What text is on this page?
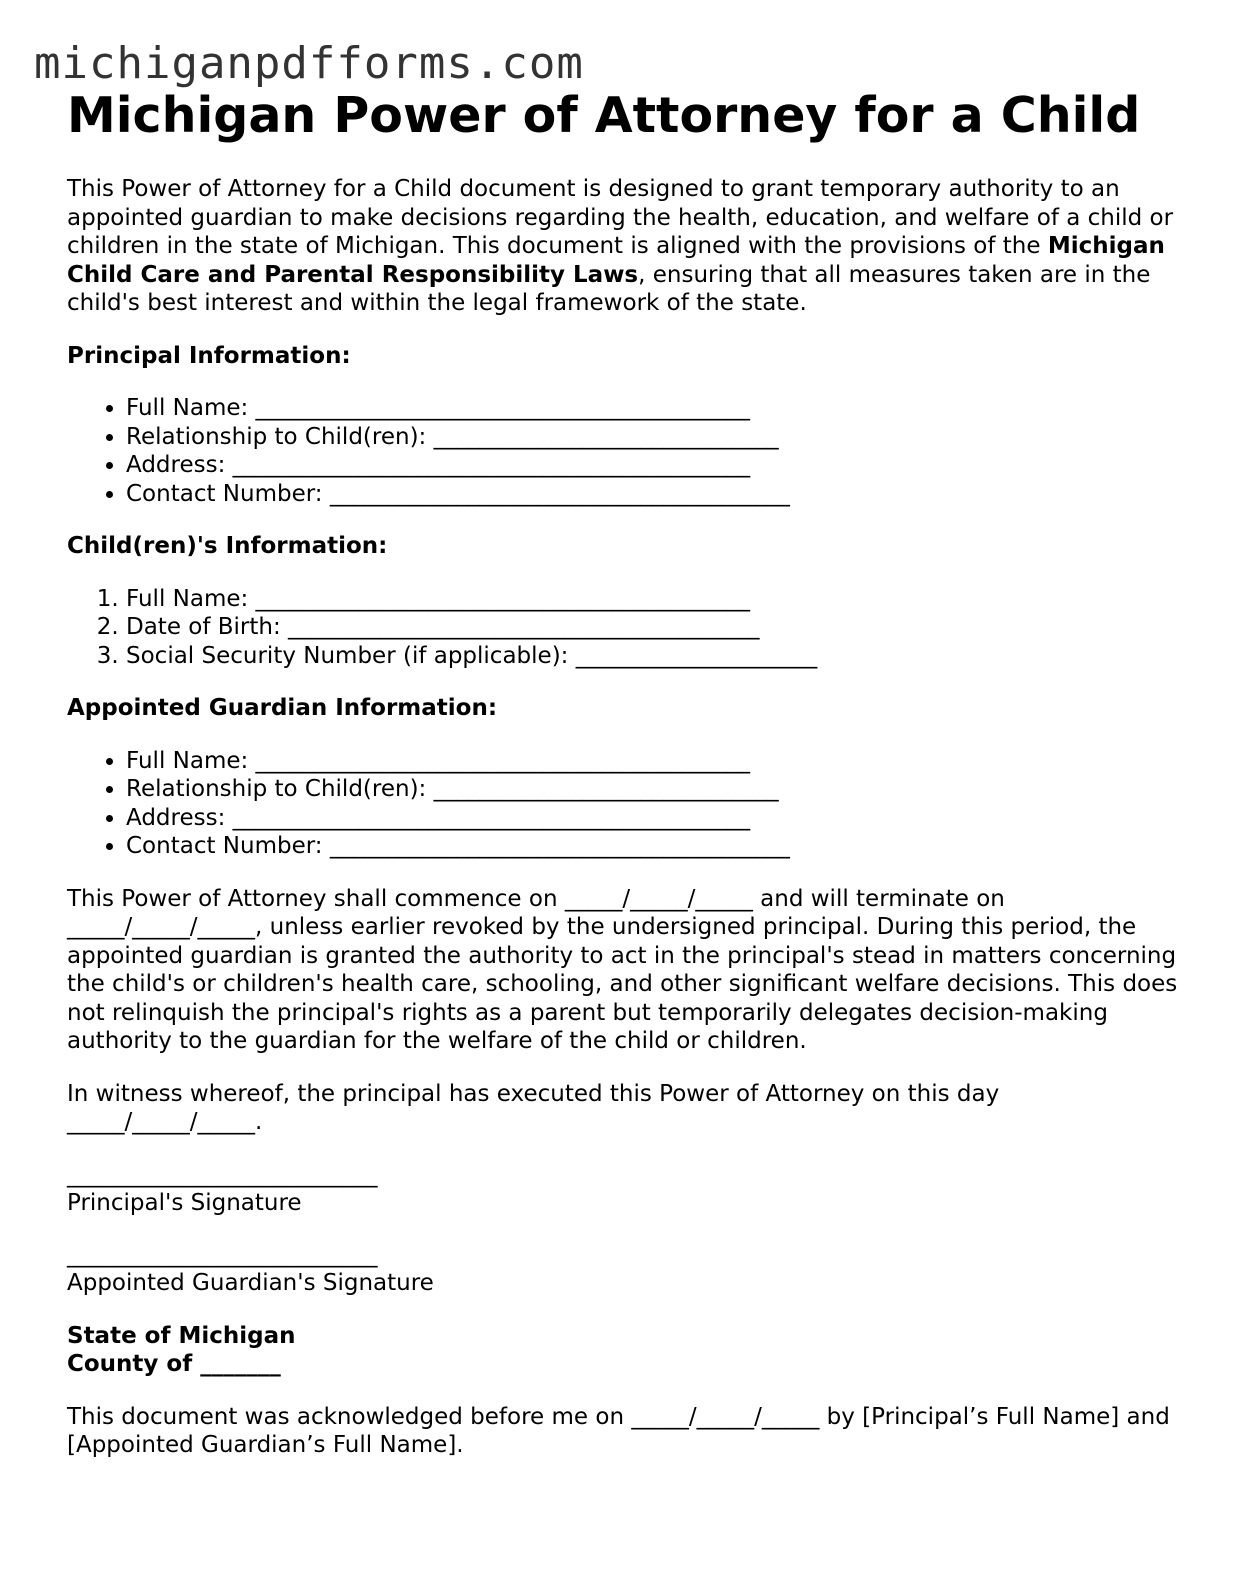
michiganpdfforms.com
Michigan Power of Attorney for a Child

This Power of Attorney for a Child document is designed to grant temporary authority to an appointed guardian to make decisions regarding the health, education, and welfare of a child or children in the state of Michigan. This document is aligned with the provisions of the Michigan Child Care and Parental Responsibility Laws, ensuring that all measures taken are in the child's best interest and within the legal framework of the state.

Principal Information:
• Full Name: ___________________________________________
• Relationship to Child(ren): ______________________________
• Address: _____________________________________________
• Contact Number: ________________________________________
Child(ren)'s Information:
1. Full Name: ___________________________________________
2. Date of Birth: _________________________________________
3. Social Security Number (if applicable): _____________________
Appointed Guardian Information:
• Full Name: ___________________________________________
• Relationship to Child(ren): ______________________________
• Address: _____________________________________________
• Contact Number: ________________________________________

This Power of Attorney shall commence on _____/_____/_____ and will terminate on _____/_____/_____, unless earlier revoked by the undersigned principal. During this period, the appointed guardian is granted the authority to act in the principal's stead in matters concerning the child's or children's health care, schooling, and other significant welfare decisions. This does not relinquish the principal's rights as a parent but temporarily delegates decision-making authority to the guardian for the welfare of the child or children.

In witness whereof, the principal has executed this Power of Attorney on this day _____/_____/_____.

___________________________
Principal's Signature
___________________________
Appointed Guardian's Signature
State of Michigan
County of _______

This document was acknowledged before me on _____/_____/_____ by [Principal’s Full Name] and [Appointed Guardian’s Full Name].
